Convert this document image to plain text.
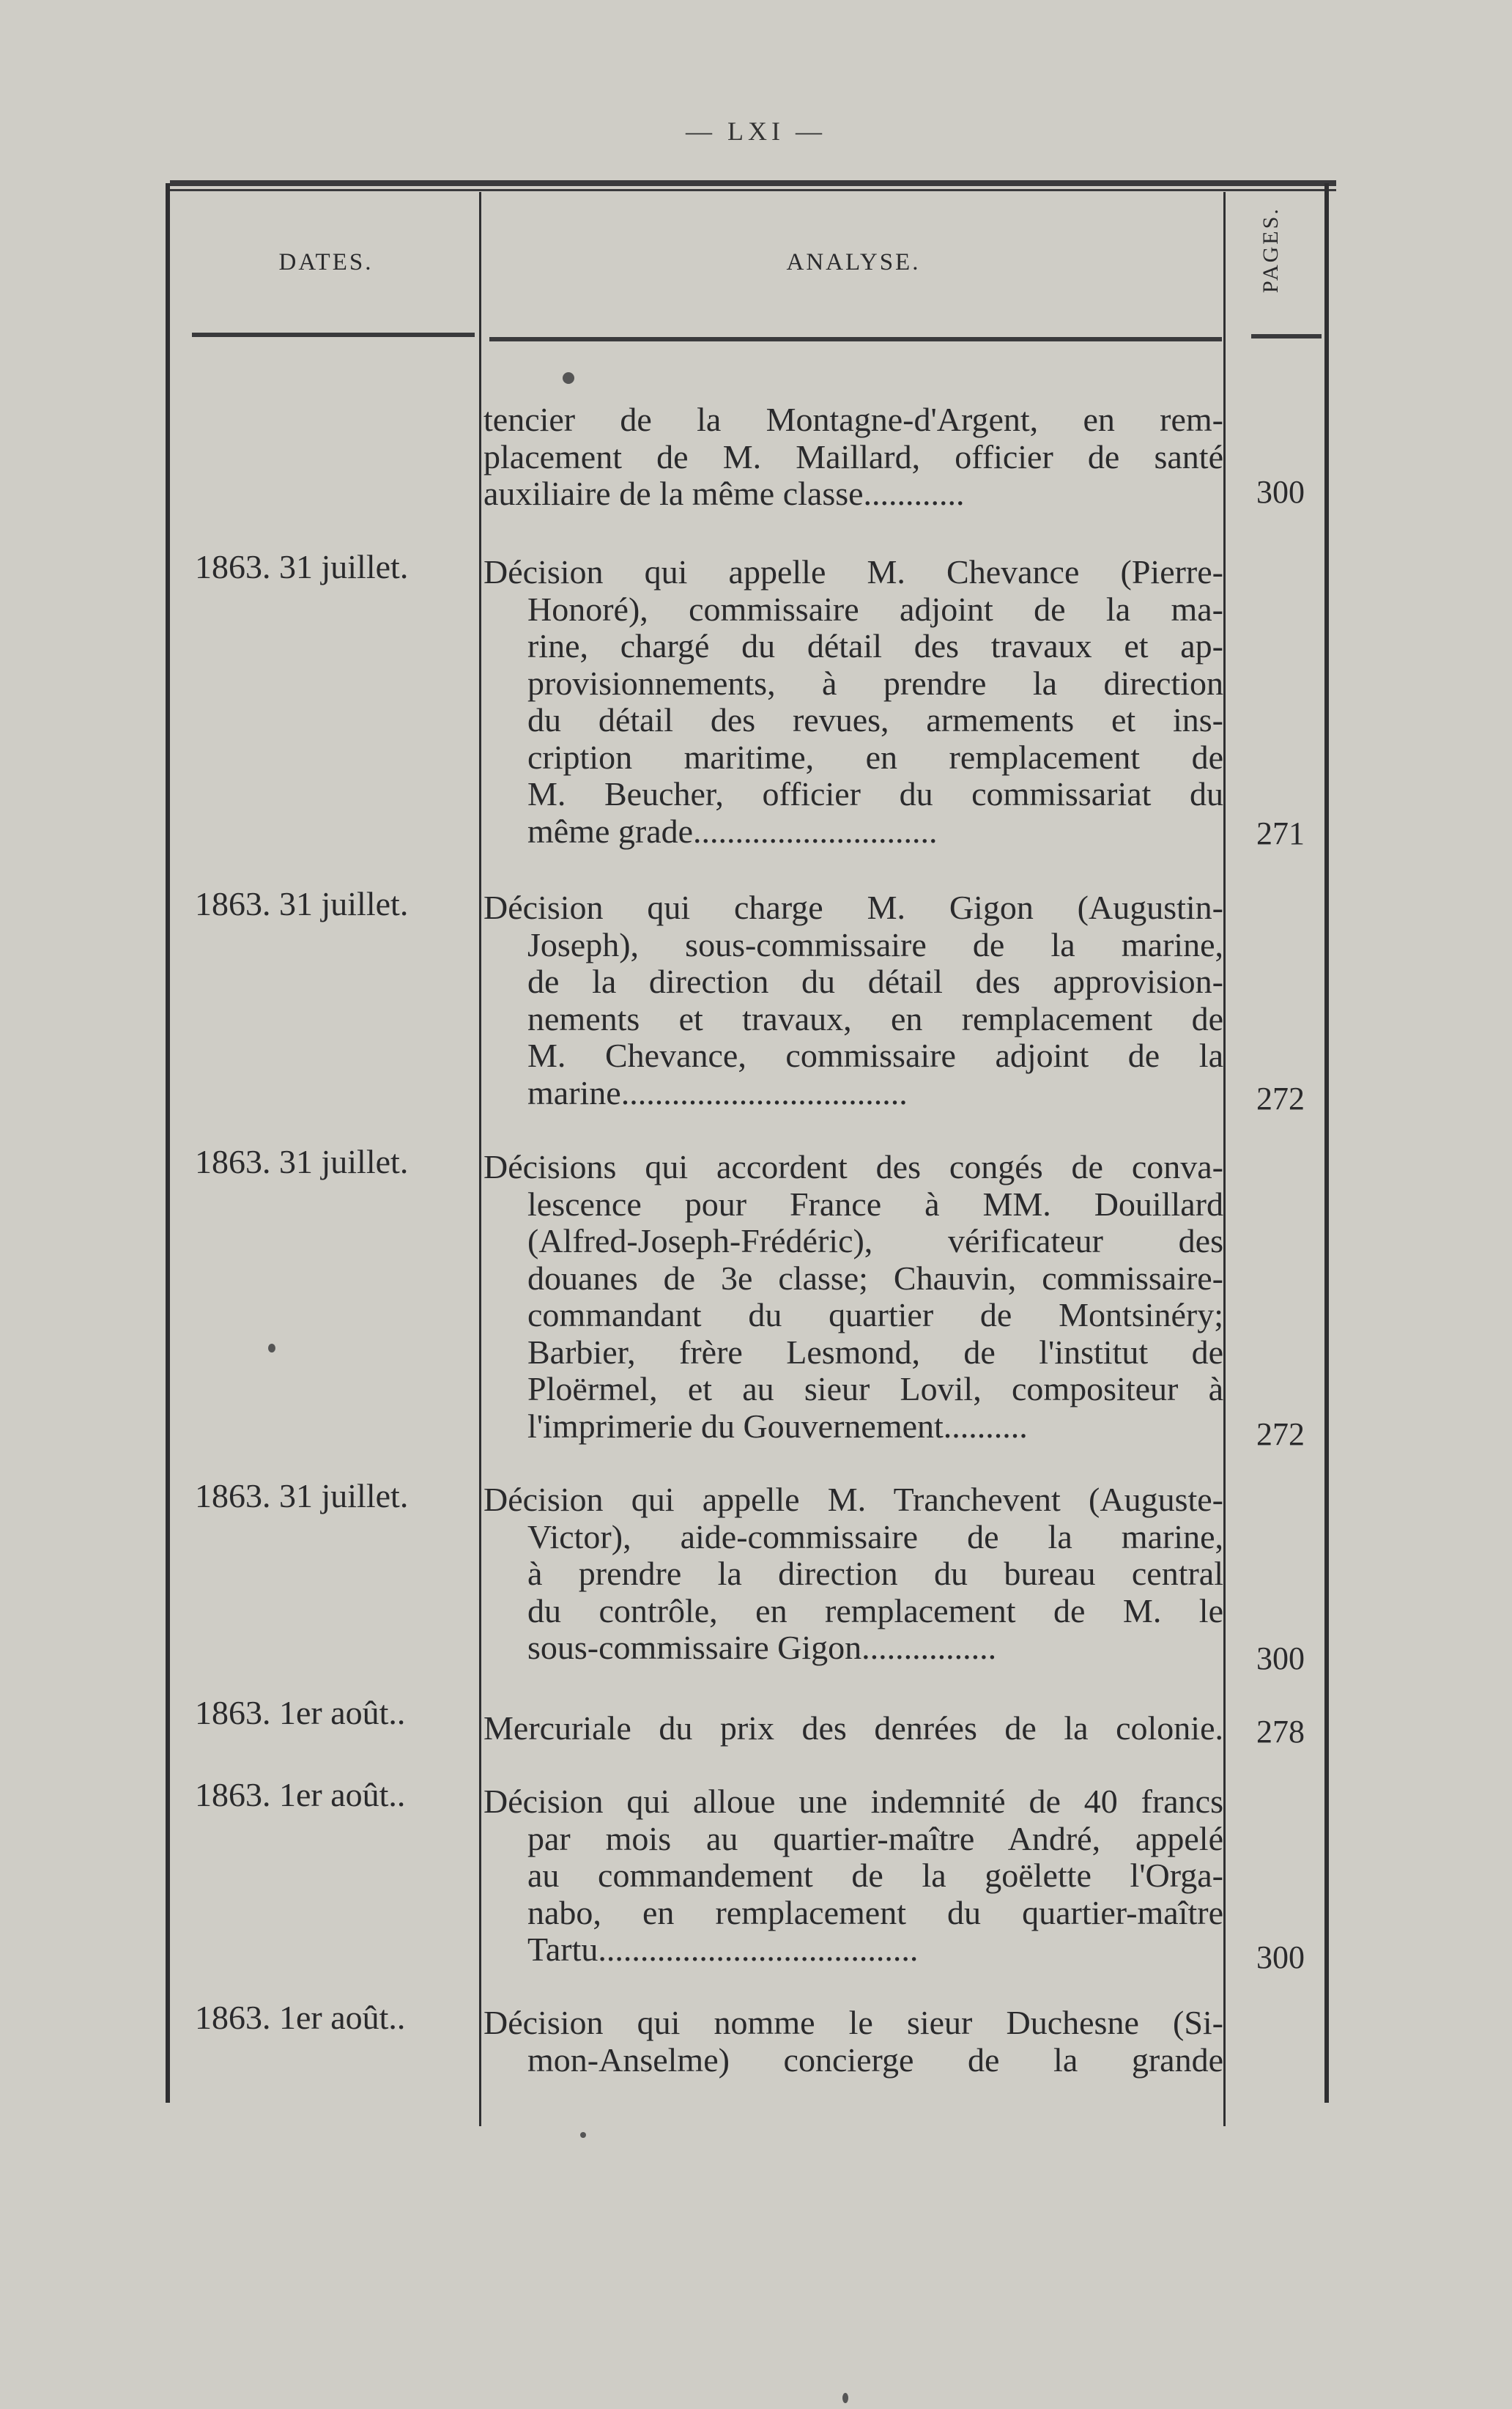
— LXI —
DATES.	ANALYSE.	PAGES.
tencier de la Montagne-d'Argent, en rem-
placement de M. Maillard, officier de santé
auxiliaire de la même classe............	300
1863. 31 juillet. Décision qui appelle M. Chevance (Pierre-
Honoré), commissaire adjoint de la ma-
rine, chargé du détail des travaux et ap-
provisionnements, à prendre la direction
du détail des revues, armements et ins-
cription maritime, en remplacement de
M. Beucher, officier du commissariat du
même grade.............................	271
1863. 31 juillet. Décision qui charge M. Gigon (Augustin-
Joseph), sous-commissaire de la marine,
de la direction du détail des approvision-
nements et travaux, en remplacement de
M. Chevance, commissaire adjoint de la
marine..................................	272
1863. 31 juillet. Décisions qui accordent des congés de conva-
lescence pour France à MM. Douillard
(Alfred-Joseph-Frédéric), vérificateur des
douanes de 3e classe; Chauvin, commissaire-
commandant du quartier de Montsinéry;
Barbier, frère Lesmond, de l'institut de
Ploërmel, et au sieur Lovil, compositeur à
l'imprimerie du Gouvernement..........	272
1863. 31 juillet. Décision qui appelle M. Tranchevent (Auguste-
Victor), aide-commissaire de la marine,
à prendre la direction du bureau central
du contrôle, en remplacement de M. le
sous-commissaire Gigon................	300
1863. 1er août.. Mercuriale du prix des denrées de la colonie.	278
1863. 1er août.. Décision qui alloue une indemnité de 40 francs
par mois au quartier-maître André, appelé
au commandement de la goëlette l'Orga-
nabo, en remplacement du quartier-maître
Tartu......................................	300
1863. 1er août.. Décision qui nomme le sieur Duchesne (Si-
mon-Anselme) concierge de la grande
